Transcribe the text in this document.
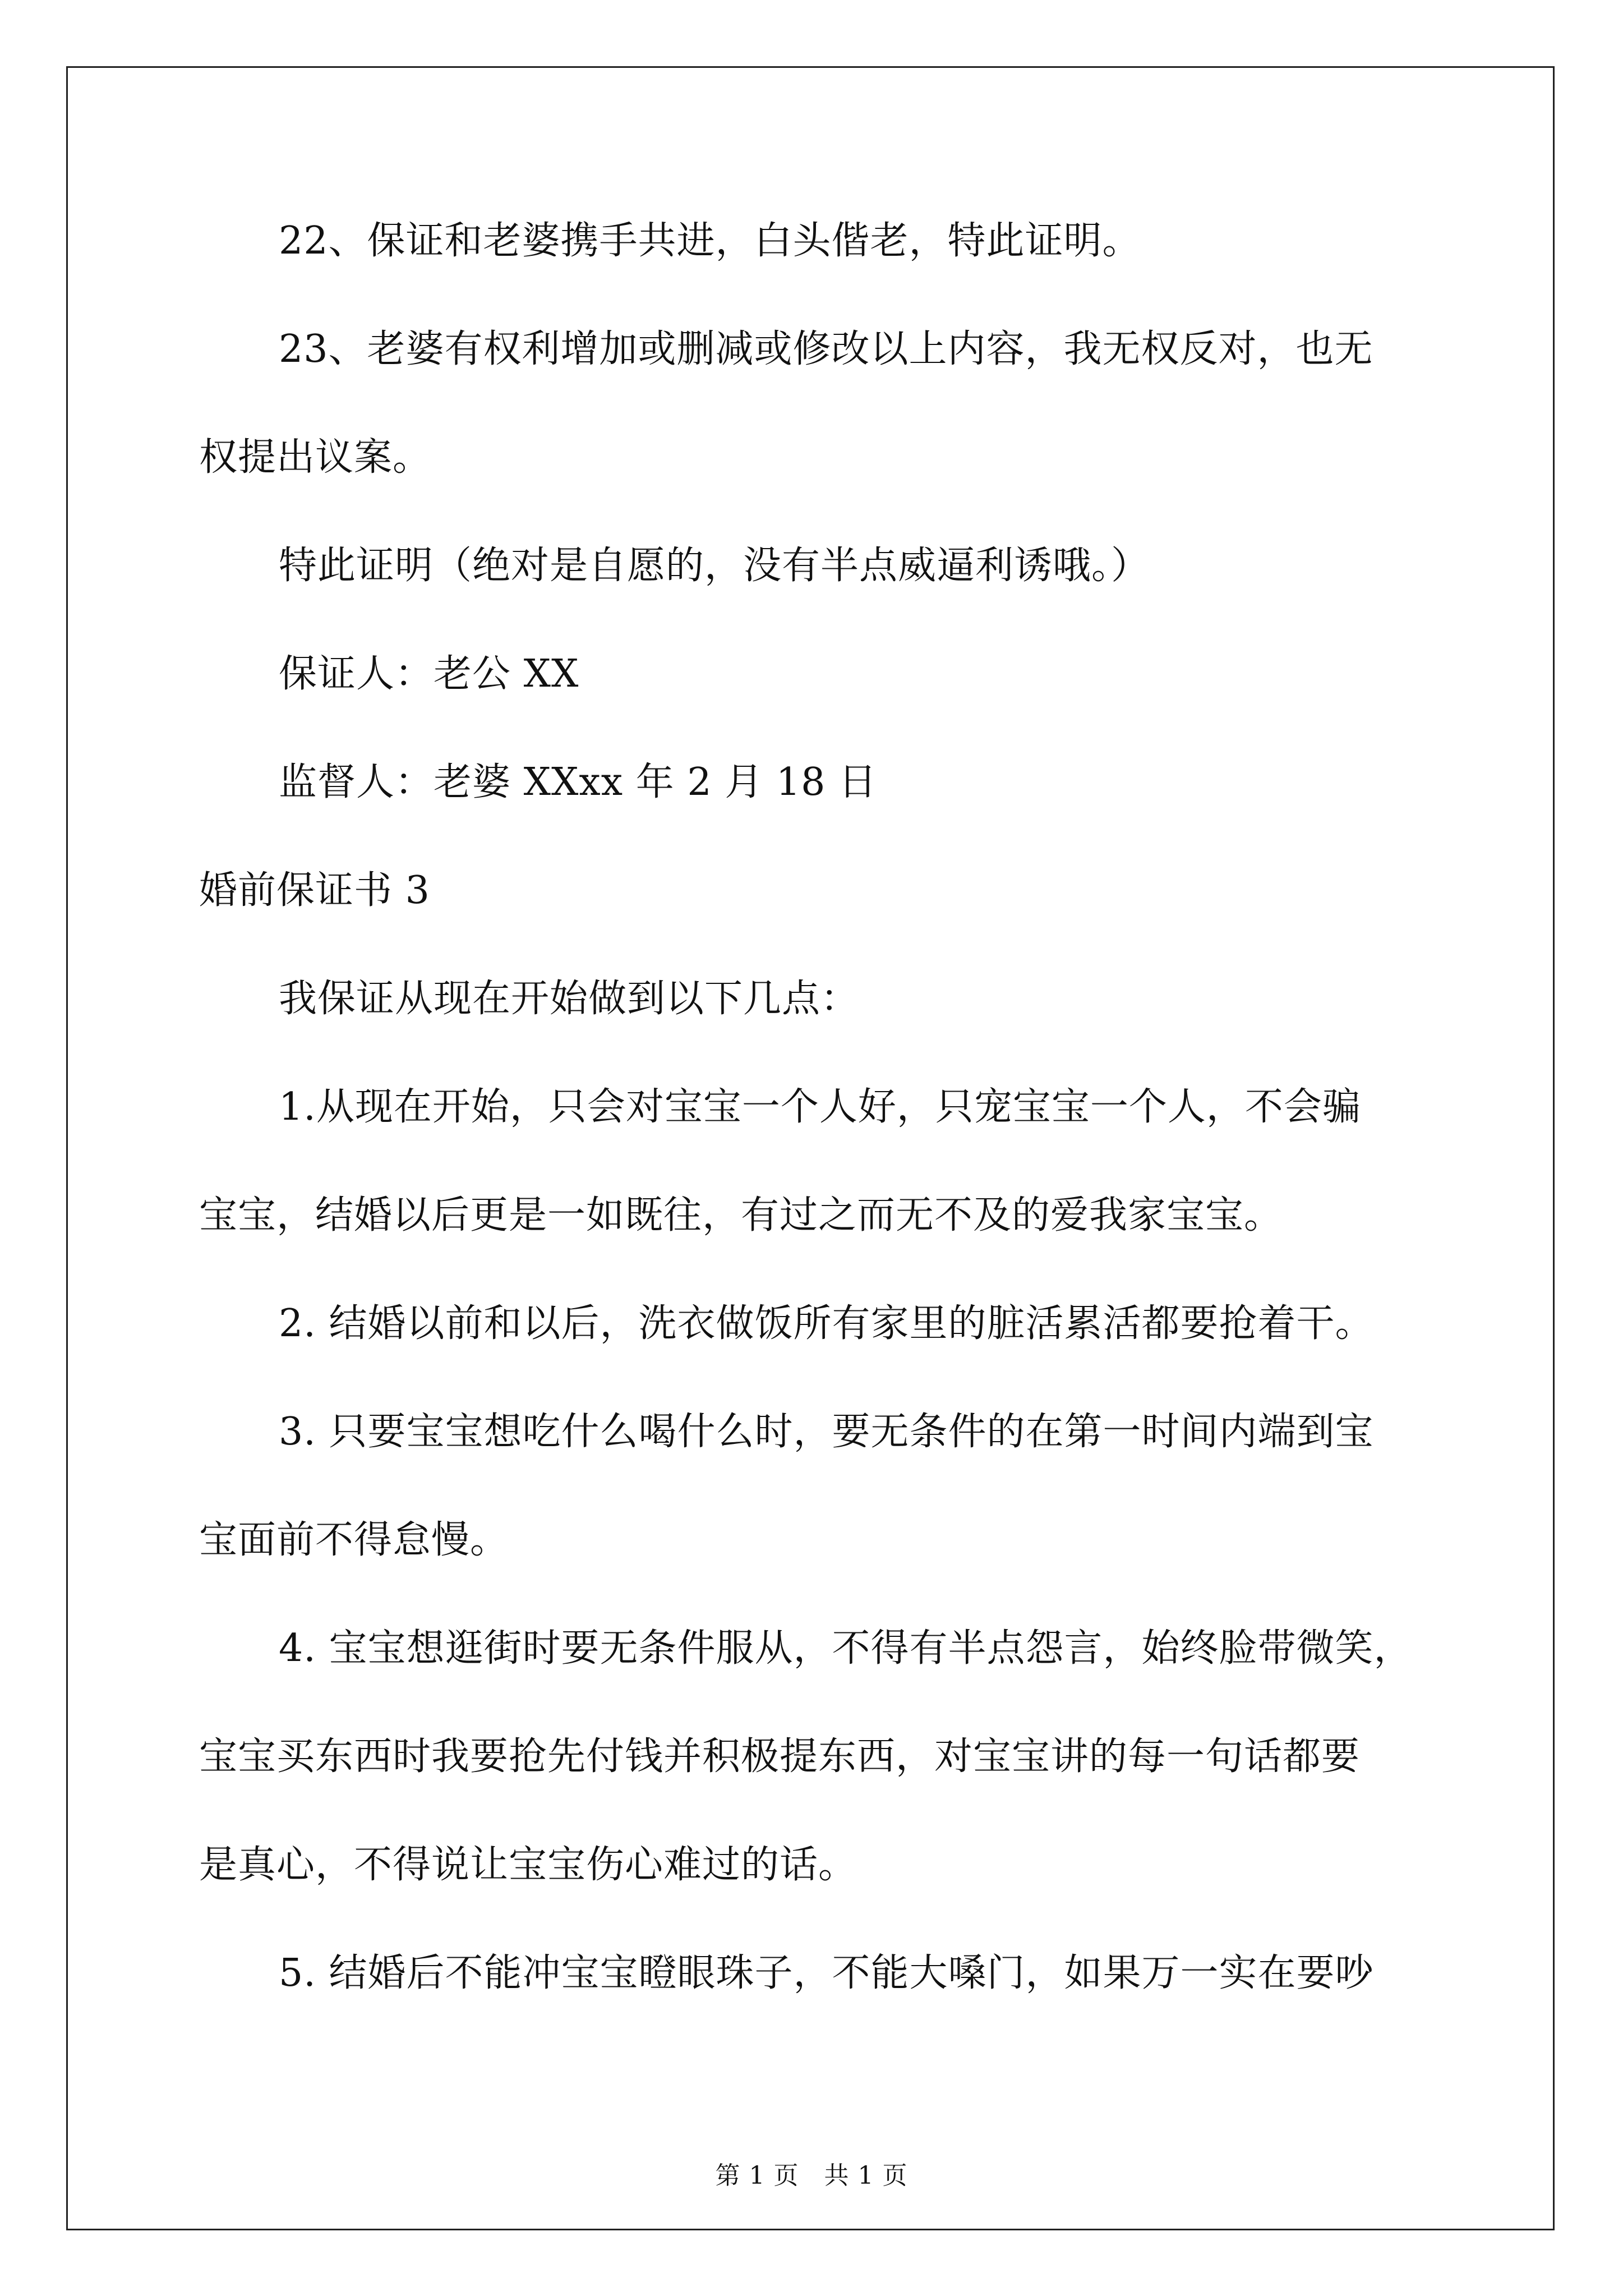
22、保证和老婆携手共进，白头偕老，特此证明。

23、老婆有权利增加或删减或修改以上内容，我无权反对，也无

权提出议案。

特此证明（绝对是自愿的，没有半点威逼利诱哦。）

保证人：老公 XX

监督人：老婆 XXxx 年 2 月 18 日

婚前保证书 3

我保证从现在开始做到以下几点：

1.从现在开始，只会对宝宝一个人好，只宠宝宝一个人，不会骗

宝宝，结婚以后更是一如既往，有过之而无不及的爱我家宝宝。

2. 结婚以前和以后，洗衣做饭所有家里的脏活累活都要抢着干。

3. 只要宝宝想吃什么喝什么时，要无条件的在第一时间内端到宝

宝面前不得怠慢。

4. 宝宝想逛街时要无条件服从，不得有半点怨言，始终脸带微笑，

宝宝买东西时我要抢先付钱并积极提东西，对宝宝讲的每一句话都要

是真心，不得说让宝宝伤心难过的话。

5. 结婚后不能冲宝宝瞪眼珠子，不能大嗓门，如果万一实在要吵

第 1 页　共 1 页
